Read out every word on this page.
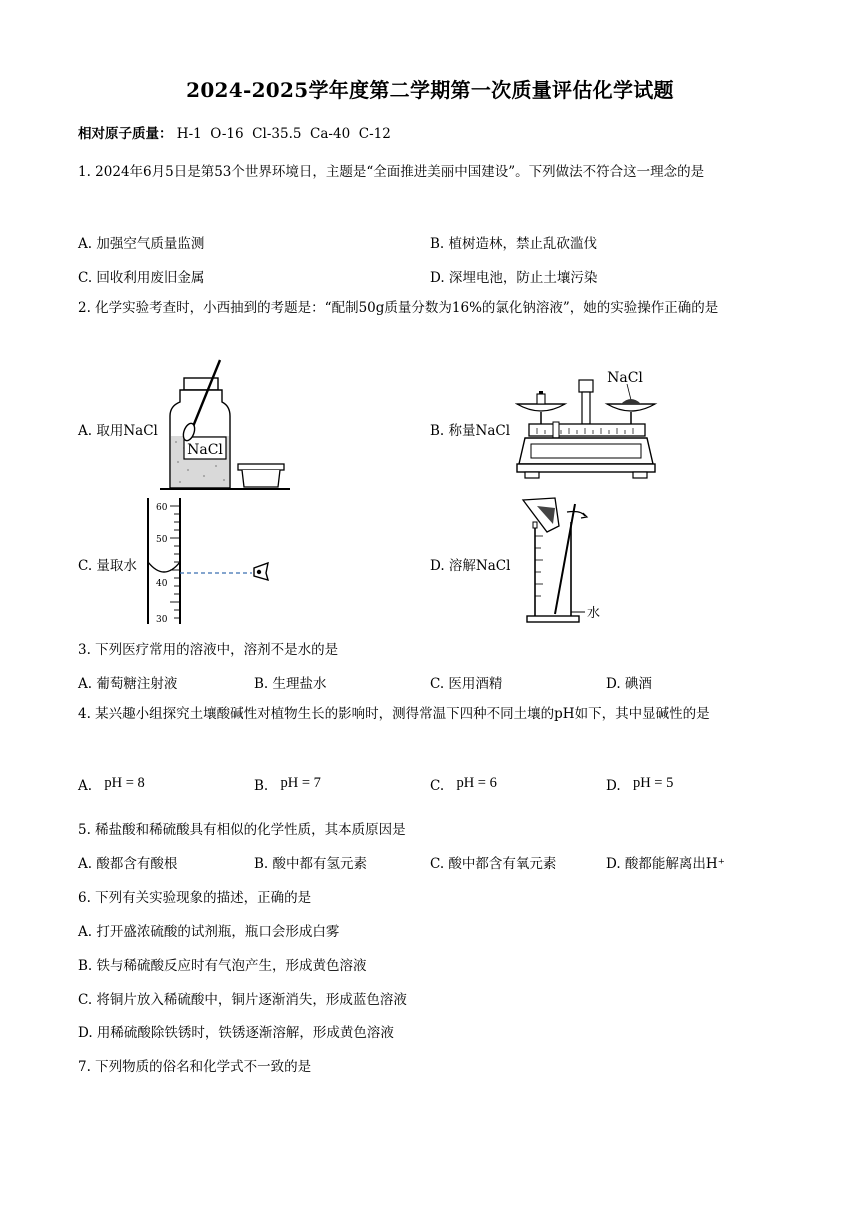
2024-2025学年度第二学期第一次质量评估化学试题
相对原子质量： H-1  O-16  Cl-35.5  Ca-40  C-12
1. 2024年6月5日是第53个世界环境日，主题是“全面推进美丽中国建设”。下列做法不符合这一理念的是
A. 加强空气质量监测	B. 植树造林，禁止乱砍滥伐
C. 回收利用废旧金属	D. 深埋电池，防止土壤污染
2. 化学实验考查时，小西抽到的考题是：“配制50g质量分数为16%的氯化钠溶液”，她的实验操作正确的是
A. 取用NaCl
NaCl
B. 称量NaCl
NaCl
C. 量取水
60
50
40
30
D. 溶解NaCl
水
3. 下列医疗常用的溶液中，溶剂不是水的是
A. 葡萄糖注射液	B. 生理盐水	C. 医用酒精	D. 碘酒
4. 某兴趣小组探究土壤酸碱性对植物生长的影响时，测得常温下四种不同土壤的pH如下，其中显碱性的是
A. pH = 8	B. pH = 7	C. pH = 6	D. pH = 5
5. 稀盐酸和稀硫酸具有相似的化学性质，其本质原因是
A. 酸都含有酸根	B. 酸中都有氢元素	C. 酸中都含有氧元素	D. 酸都能解离出H⁺
6. 下列有关实验现象的描述，正确的是
A. 打开盛浓硫酸的试剂瓶，瓶口会形成白雾
B. 铁与稀硫酸反应时有气泡产生，形成黄色溶液
C. 将铜片放入稀硫酸中，铜片逐渐消失，形成蓝色溶液
D. 用稀硫酸除铁锈时，铁锈逐渐溶解，形成黄色溶液
7. 下列物质的俗名和化学式不一致的是
